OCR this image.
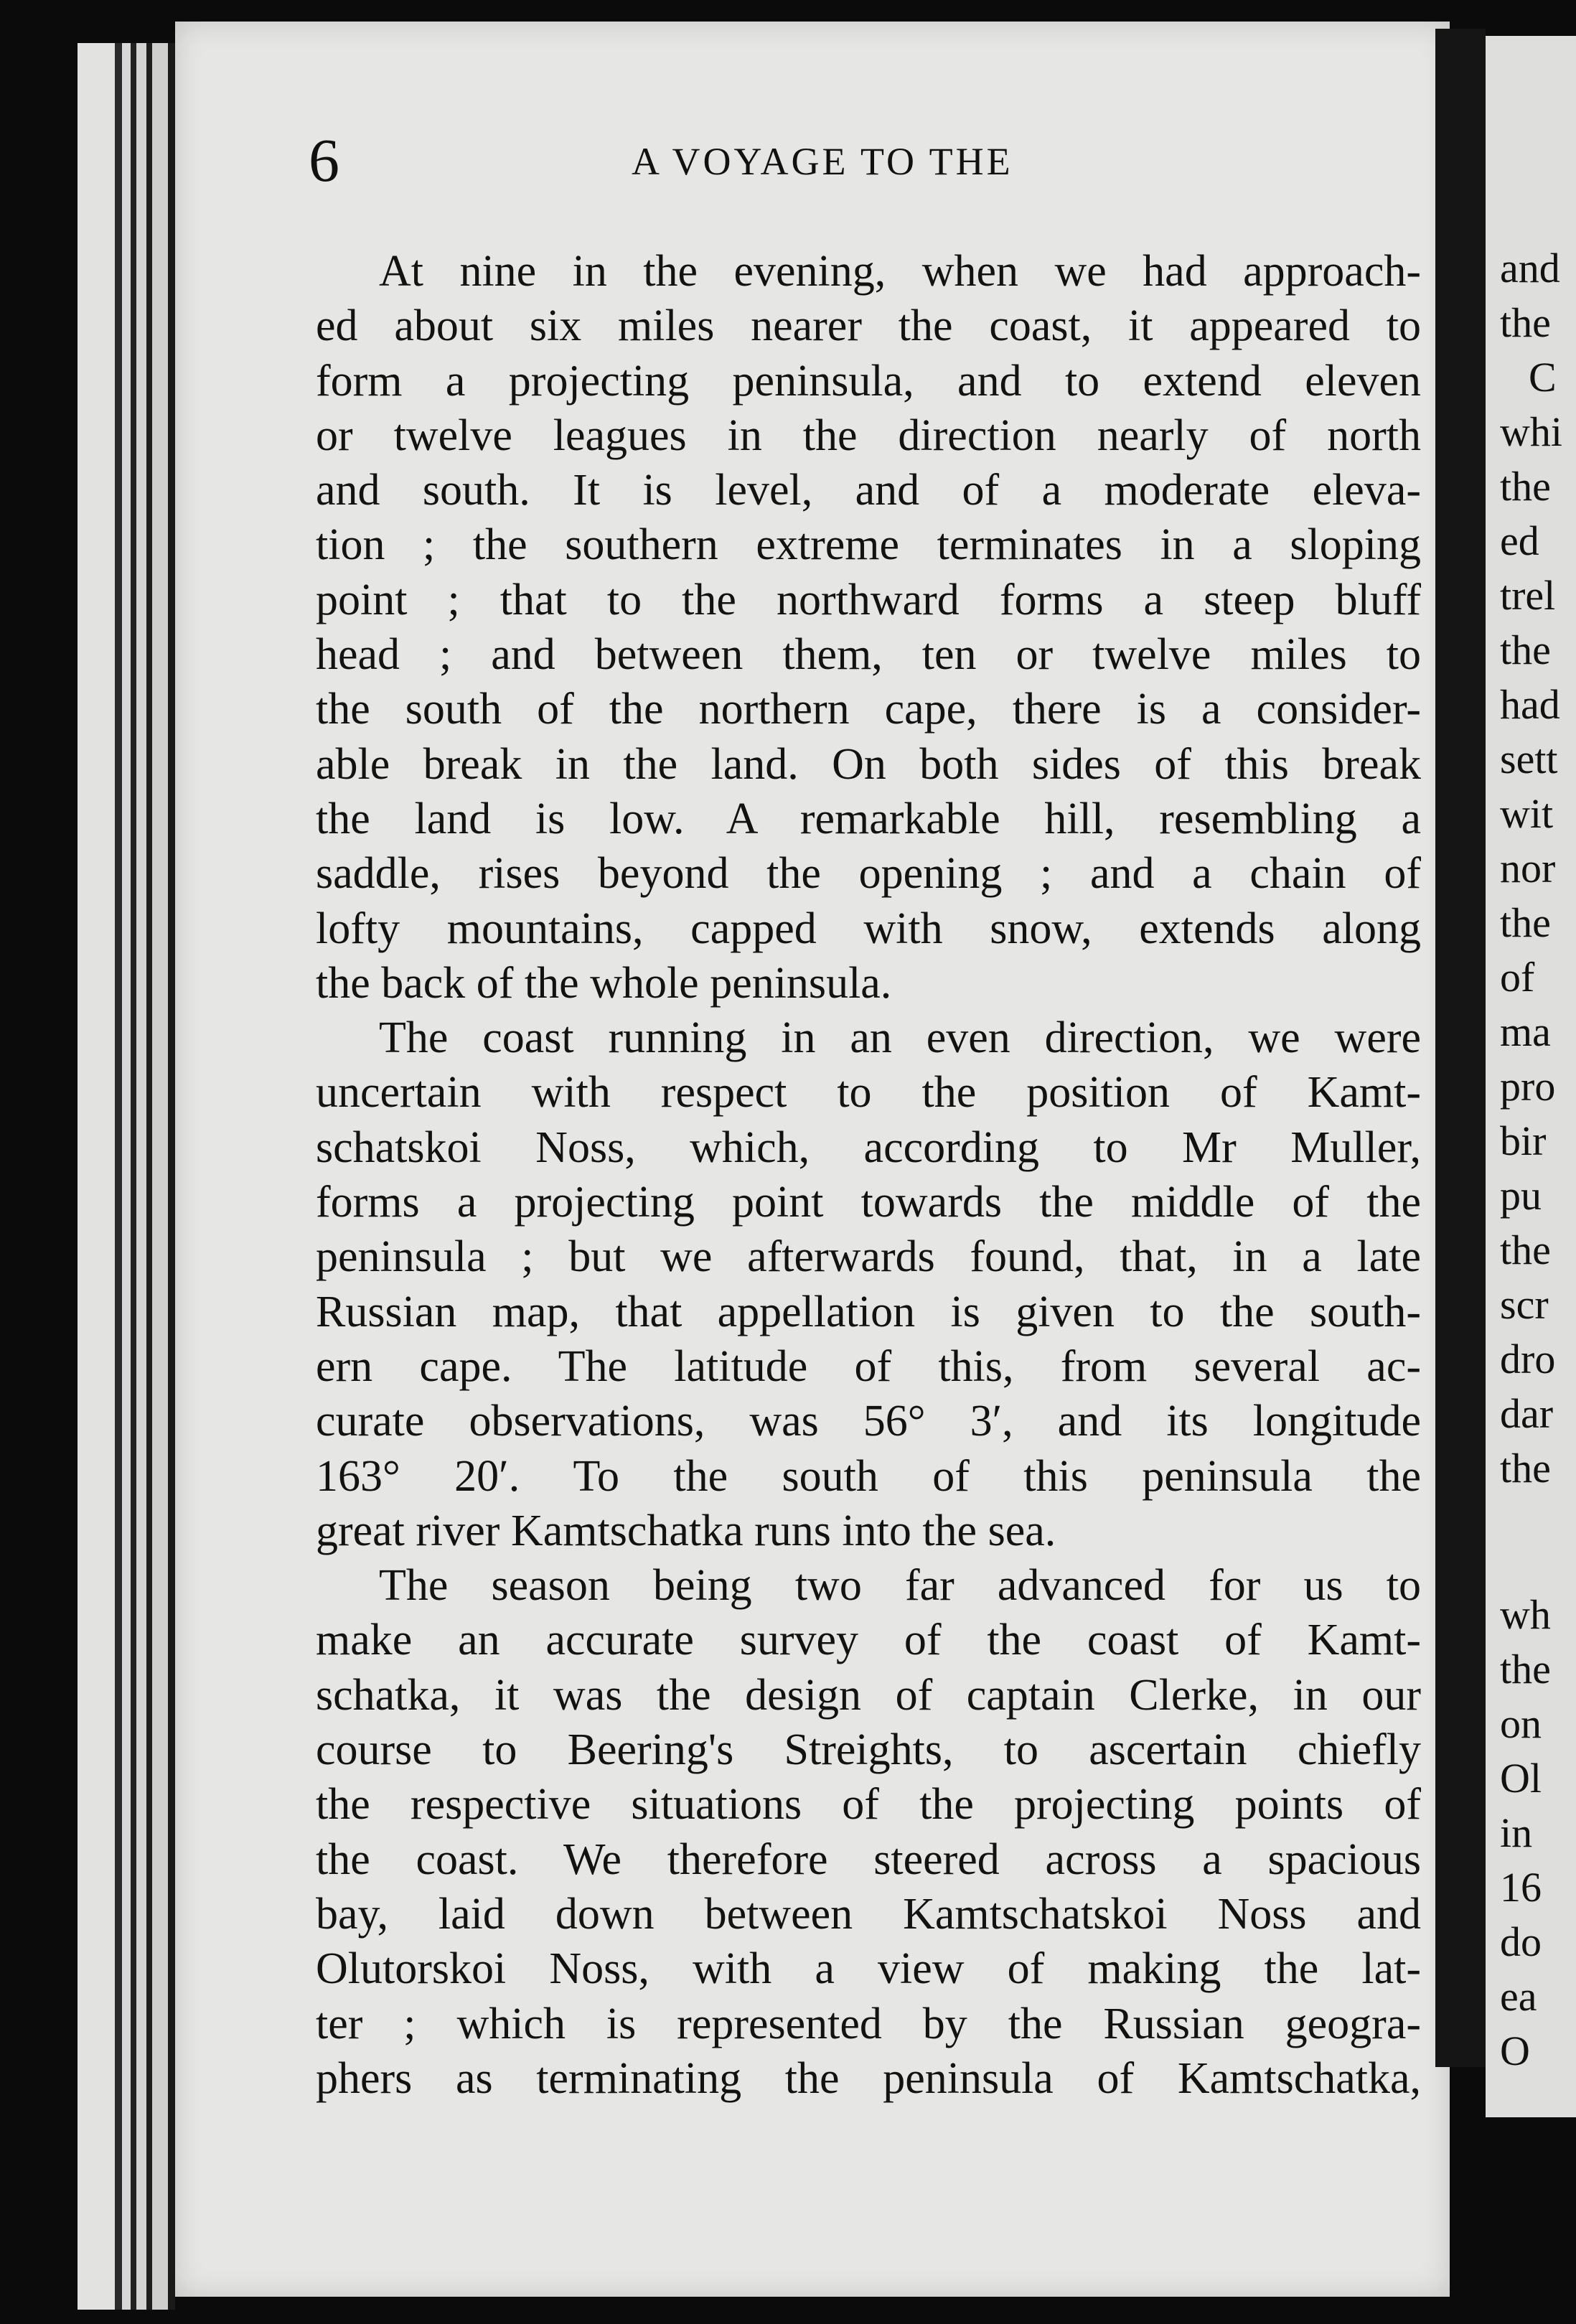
6	A VOYAGE TO THE
At nine in the evening, when we had approach-
ed about six miles nearer the coast, it appeared to
form a projecting peninsula, and to extend eleven
or twelve leagues in the direction nearly of north
and south. It is level, and of a moderate eleva-
tion ; the southern extreme terminates in a sloping
point ; that to the northward forms a steep bluff
head ; and between them, ten or twelve miles to
the south of the northern cape, there is a consider-
able break in the land. On both sides of this break
the land is low. A remarkable hill, resembling a
saddle, rises beyond the opening ; and a chain of
lofty mountains, capped with snow, extends along
the back of the whole peninsula.
The coast running in an even direction, we were
uncertain with respect to the position of Kamt-
schatskoi Noss, which, according to Mr Muller,
forms a projecting point towards the middle of the
peninsula ; but we afterwards found, that, in a late
Russian map, that appellation is given to the south-
ern cape. The latitude of this, from several ac-
curate observations, was 56° 3′, and its longitude
163° 20′. To the south of this peninsula the
great river Kamtschatka runs into the sea.
The season being two far advanced for us to
make an accurate survey of the coast of Kamt-
schatka, it was the design of captain Clerke, in our
course to Beering's Streights, to ascertain chiefly
the respective situations of the projecting points of
the coast. We therefore steered across a spacious
bay, laid down between Kamtschatskoi Noss and
Olutorskoi Noss, with a view of making the lat-
ter ; which is represented by the Russian geogra-
phers as terminating the peninsula of Kamtschatka,
and
the
C
whi
the
ed
trel
the
had
sett
wit
nor
the
of
ma
pro
bir
pu
the
scr
dro
dar
the
wh
the
on
Ol
in
16
do
ea
O
